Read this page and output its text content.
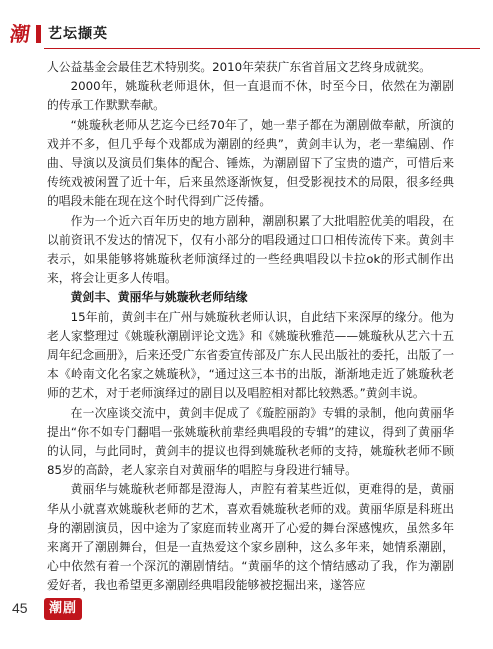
潮 艺坛撷英

人公益基金会最佳艺术特别奖。2010年荣获广东省首届文艺终身成就奖。

2000年，姚璇秋老师退休，但一直退而不休，时至今日，依然在为潮剧的传承工作默默奉献。

“姚璇秋老师从艺迄今已经70年了，她一辈子都在为潮剧做奉献，所演的戏并不多，但几乎每个戏都成为潮剧的经典”，黄剑丰认为，老一辈编剧、作曲、导演以及演员们集体的配合、锤炼，为潮剧留下了宝贵的遗产，可惜后来传统戏被闲置了近十年，后来虽然逐渐恢复，但受影视技术的局限，很多经典的唱段未能在现在这个时代得到广泛传播。

作为一个近六百年历史的地方剧种，潮剧积累了大批唱腔优美的唱段，在以前资讯不发达的情况下，仅有小部分的唱段通过口口相传流传下来。黄剑丰表示，如果能够将姚璇秋老师演绎过的一些经典唱段以卡拉ok的形式制作出来，将会让更多人传唱。

黄剑丰、黄丽华与姚璇秋老师结缘

15年前，黄剑丰在广州与姚璇秋老师认识，自此结下来深厚的缘分。他为老人家整理过《姚璇秋潮剧评论文选》和《姚璇秋雅范——姚璇秋从艺六十五周年纪念画册》，后来还受广东省委宣传部及广东人民出版社的委托，出版了一本《岭南文化名家之姚璇秋》，“通过这三本书的出版，渐渐地走近了姚璇秋老师的艺术，对于老师演绎过的剧目以及唱腔相对都比较熟悉。”黄剑丰说。

在一次座谈交流中，黄剑丰促成了《璇腔丽韵》专辑的录制，他向黄丽华提出“你不如专门翻唱一张姚璇秋前辈经典唱段的专辑”的建议，得到了黄丽华的认同，与此同时，黄剑丰的提议也得到姚璇秋老师的支持，姚璇秋老师不顾85岁的高龄，老人家亲自对黄丽华的唱腔与身段进行辅导。

黄丽华与姚璇秋老师都是澄海人，声腔有着某些近似，更难得的是，黄丽华从小就喜欢姚璇秋老师的艺术，喜欢看姚璇秋老师的戏。黄丽华原是科班出身的潮剧演员，因中途为了家庭而转业离开了心爱的舞台深感愧疚，虽然多年来离开了潮剧舞台，但是一直热爱这个家乡剧种，这么多年来，她情系潮剧，心中依然有着一个深沉的潮剧情结。“黄丽华的这个情结感动了我，作为潮剧爱好者，我也希望更多潮剧经典唱段能够被挖掘出来，遂答应

45	潮剧
